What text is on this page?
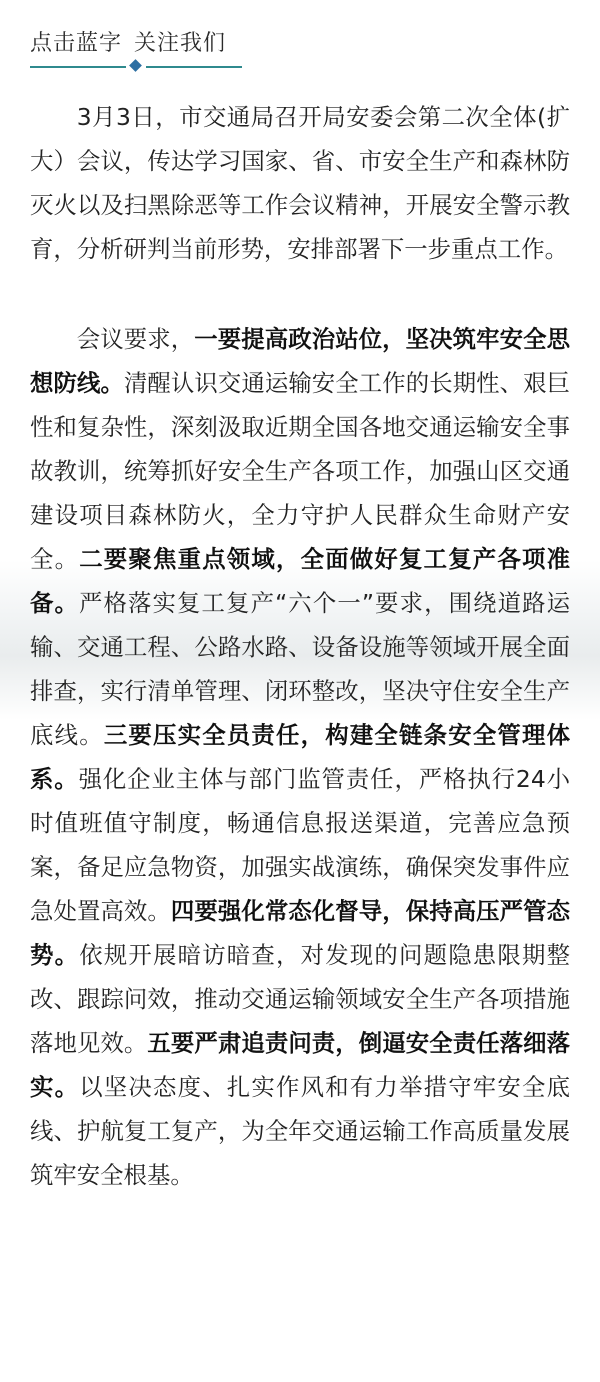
点击蓝字 关注我们

3月3日，市交通局召开局安委会第二次全体(扩大）会议，传达学习国家、省、市安全生产和森林防灭火以及扫黑除恶等工作会议精神，开展安全警示教育，分析研判当前形势，安排部署下一步重点工作。

会议要求，一要提高政治站位，坚决筑牢安全思想防线。清醒认识交通运输安全工作的长期性、艰巨性和复杂性，深刻汲取近期全国各地交通运输安全事故教训，统筹抓好安全生产各项工作，加强山区交通建设项目森林防火，全力守护人民群众生命财产安全。二要聚焦重点领域，全面做好复工复产各项准备。严格落实复工复产“六个一”要求，围绕道路运输、交通工程、公路水路、设备设施等领域开展全面排查，实行清单管理、闭环整改，坚决守住安全生产底线。三要压实全员责任，构建全链条安全管理体系。强化企业主体与部门监管责任，严格执行24小时值班值守制度，畅通信息报送渠道，完善应急预案，备足应急物资，加强实战演练，确保突发事件应急处置高效。四要强化常态化督导，保持高压严管态势。依规开展暗访暗查，对发现的问题隐患限期整改、跟踪问效，推动交通运输领域安全生产各项措施落地见效。五要严肃追责问责，倒逼安全责任落细落实。以坚决态度、扎实作风和有力举措守牢安全底线、护航复工复产，为全年交通运输工作高质量发展筑牢安全根基。
